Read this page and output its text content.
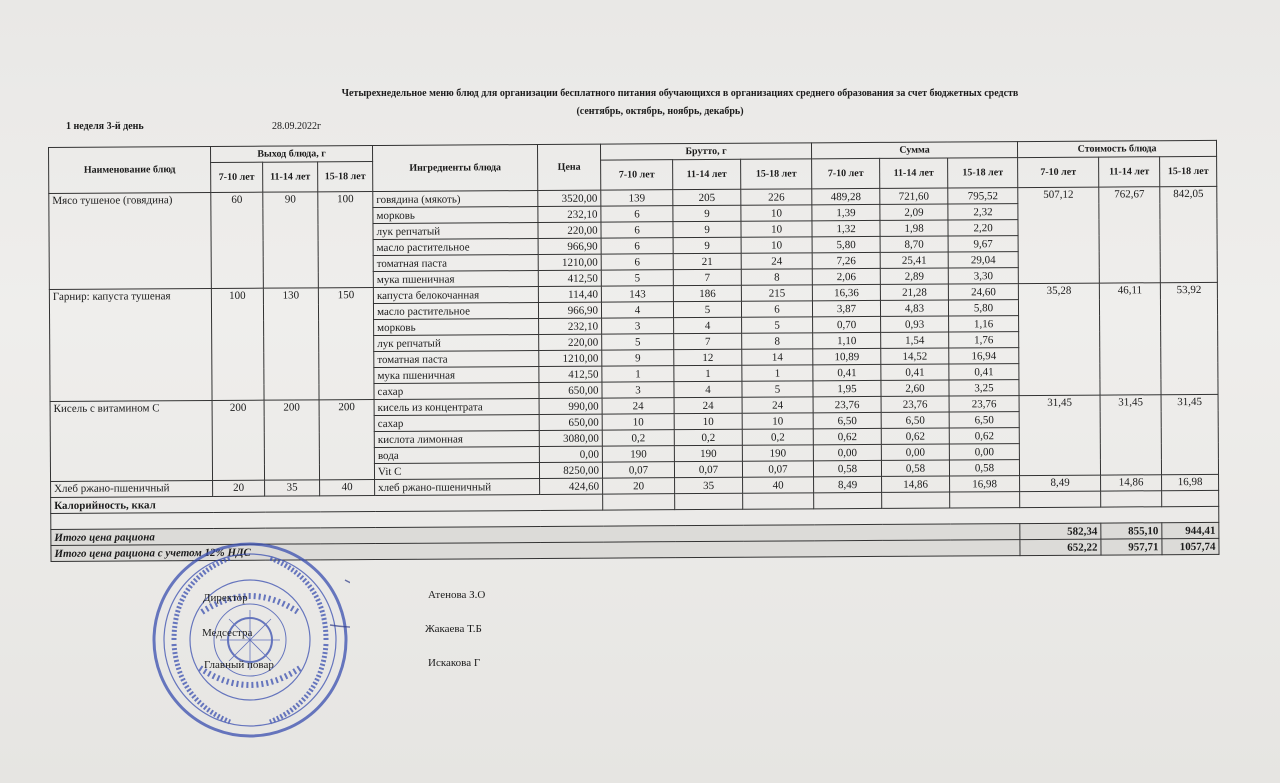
Четырехнедельное меню блюд для организации бесплатного питания обучающихся в организациях среднего образования за счет бюджетных средств
(сентябрь, октябрь, ноябрь, декабрь)
1 неделя 3-й день	28.09.2022г
Наименование блюд	Выход блюда, г			Ингредиенты блюда	Цена	Брутто, г			Сумма			Стоимость блюда		
	7-10 лет	11-14 лет	15-18 лет			7-10 лет	11-14 лет	15-18 лет	7-10 лет	11-14 лет	15-18 лет	7-10 лет	11-14 лет	15-18 лет
Мясо тушеное (говядина)	60	90	100	говядина (мякоть)	3520,00	139	205	226	489,28	721,60	795,52	507,12	762,67	842,05
				морковь	232,10	6	9	10	1,39	2,09	2,32			
				лук репчатый	220,00	6	9	10	1,32	1,98	2,20			
				масло растительное	966,90	6	9	10	5,80	8,70	9,67			
				томатная паста	1210,00	6	21	24	7,26	25,41	29,04			
				мука пшеничная	412,50	5	7	8	2,06	2,89	3,30			
Гарнир: капуста тушеная	100	130	150	капуста белокочанная	114,40	143	186	215	16,36	21,28	24,60	35,28	46,11	53,92
				масло растительное	966,90	4	5	6	3,87	4,83	5,80			
				морковь	232,10	3	4	5	0,70	0,93	1,16			
				лук репчатый	220,00	5	7	8	1,10	1,54	1,76			
				томатная паста	1210,00	9	12	14	10,89	14,52	16,94			
				мука пшеничная	412,50	1	1	1	0,41	0,41	0,41			
				сахар	650,00	3	4	5	1,95	2,60	3,25			
Кисель с витамином С	200	200	200	кисель из концентрата	990,00	24	24	24	23,76	23,76	23,76	31,45	31,45	31,45
				сахар	650,00	10	10	10	6,50	6,50	6,50			
				кислота лимонная	3080,00	0,2	0,2	0,2	0,62	0,62	0,62			
				вода	0,00	190	190	190	0,00	0,00	0,00			
				Vit C	8250,00	0,07	0,07	0,07	0,58	0,58	0,58			
Хлеб ржано-пшеничный	20	35	40	хлеб ржано-пшеничный	424,60	20	35	40	8,49	14,86	16,98	8,49	14,86	16,98
Калорийность, ккал														

Итого цена рациона												582,34	855,10	944,41
Итого цена рациона с учетом 12% НДС												652,22	957,71	1057,74
Директор	Атенова З.О
Медсестра	Жакаева Т.Б
Главный повар	Искакова Г
